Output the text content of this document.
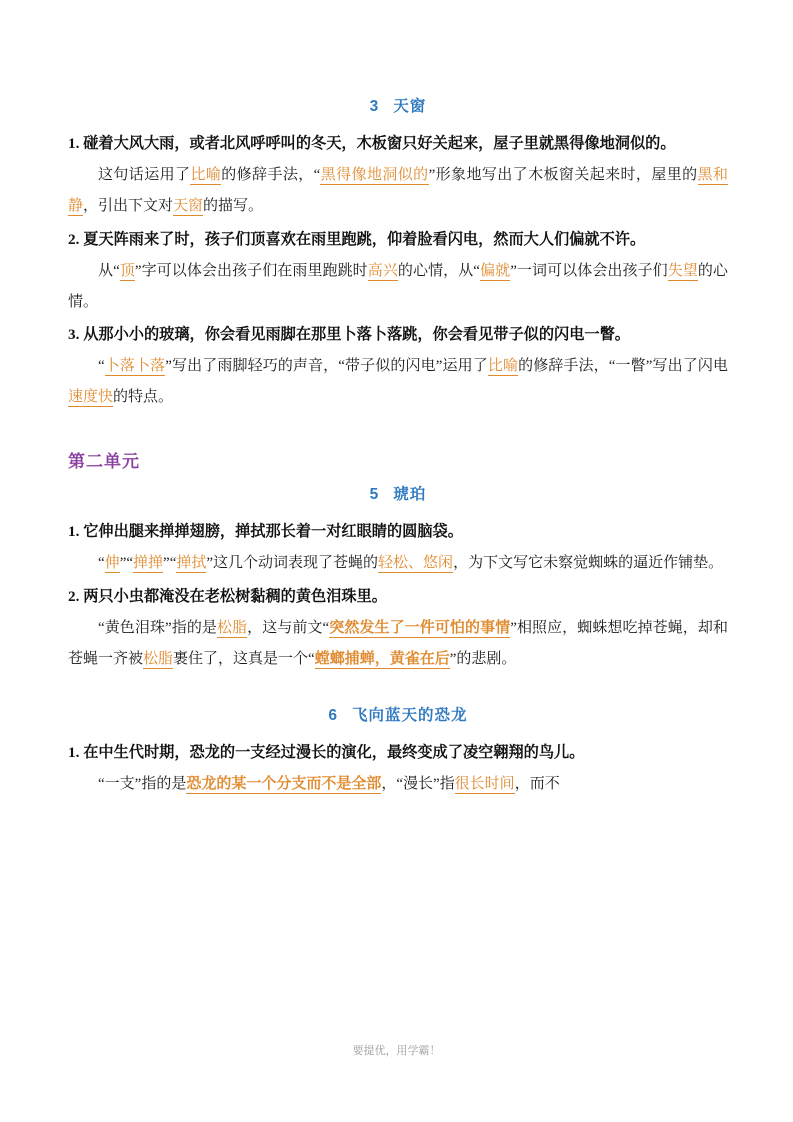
3 天窗

1. 碰着大风大雨，或者北风呼呼叫的冬天，木板窗只好关起来，屋子里就黑得像地洞似的。

这句话运用了比喻的修辞手法，“黑得像地洞似的”形象地写出了木板窗关起来时，屋里的黑和静，引出下文对天窗的描写。

2. 夏天阵雨来了时，孩子们顶喜欢在雨里跑跳，仰着脸看闪电，然而大人们偏就不许。

从“顶”字可以体会出孩子们在雨里跑跳时高兴的心情，从“偏就”一词可以体会出孩子们失望的心情。

3. 从那小小的玻璃，你会看见雨脚在那里卜落卜落跳，你会看见带子似的闪电一瞥。

“卜落卜落”写出了雨脚轻巧的声音，“带子似的闪电”运用了比喻的修辞手法，“一瞥”写出了闪电速度快的特点。

第二单元
5 琥珀

1. 它伸出腿来掸掸翅膀，掸拭那长着一对红眼睛的圆脑袋。

“伸”“掸掸”“掸拭”这几个动词表现了苍蝇的轻松、悠闲，为下文写它未察觉蜘蛛的逼近作铺垫。

2. 两只小虫都淹没在老松树黏稠的黄色泪珠里。

“黄色泪珠”指的是松脂，这与前文“突然发生了一件可怕的事情”相照应，蜘蛛想吃掉苍蝇，却和苍蝇一齐被松脂裹住了，这真是一个“螳螂捕蝉，黄雀在后”的悲剧。

6 飞向蓝天的恐龙

1. 在中生代时期，恐龙的一支经过漫长的演化，最终变成了凌空翱翔的鸟儿。

“一支”指的是恐龙的某一个分支而不是全部，“漫长”指很长时间，而不

要提优，用学霸！
